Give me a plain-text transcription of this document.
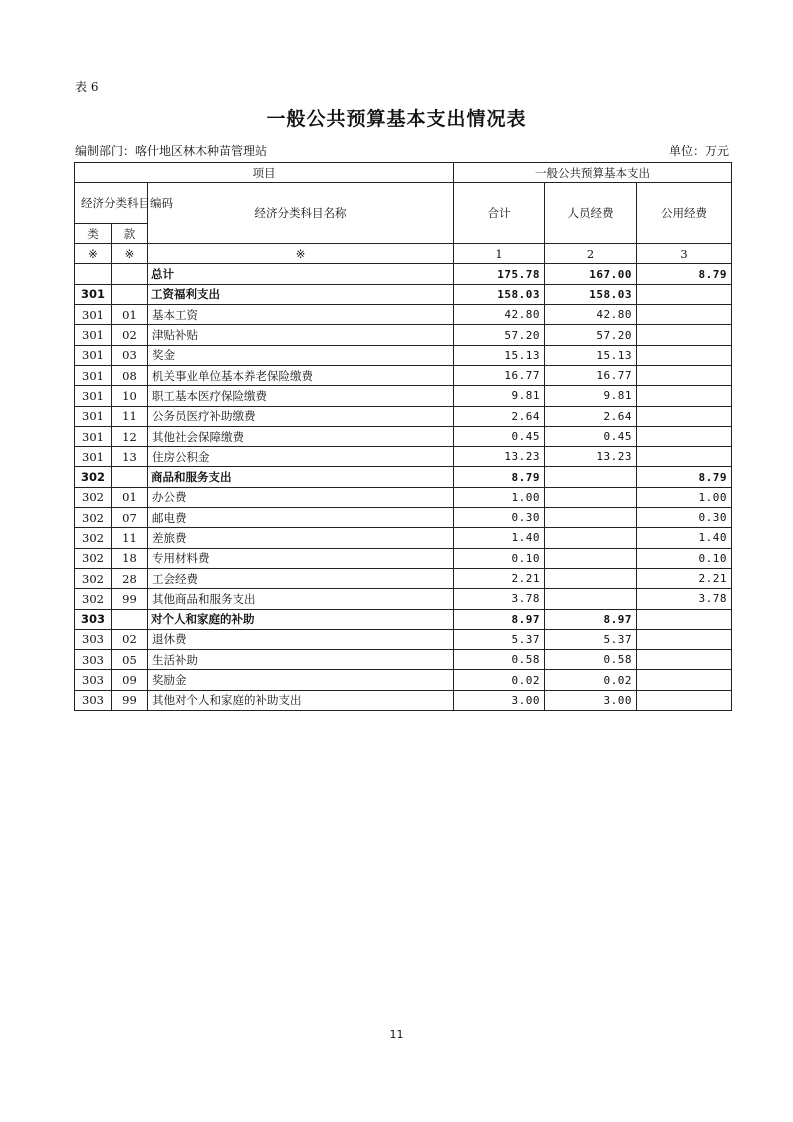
表 6
一般公共预算基本支出情况表
编制部门：喀什地区林木种苗管理站	单位：万元
项目			一般公共预算基本支出		
经济分类科目编码		经济分类科目名称	合计	人员经费	公用经费
类	款				
※	※	※	1	2	3
		总计	175.78	167.00	8.79
301		工资福利支出	158.03	158.03	
301	01	基本工资	42.80	42.80	
301	02	津贴补贴	57.20	57.20	
301	03	奖金	15.13	15.13	
301	08	机关事业单位基本养老保险缴费	16.77	16.77	
301	10	职工基本医疗保险缴费	9.81	9.81	
301	11	公务员医疗补助缴费	2.64	2.64	
301	12	其他社会保障缴费	0.45	0.45	
301	13	住房公积金	13.23	13.23	
302		商品和服务支出	8.79		8.79
302	01	办公费	1.00		1.00
302	07	邮电费	0.30		0.30
302	11	差旅费	1.40		1.40
302	18	专用材料费	0.10		0.10
302	28	工会经费	2.21		2.21
302	99	其他商品和服务支出	3.78		3.78
303		对个人和家庭的补助	8.97	8.97	
303	02	退休费	5.37	5.37	
303	05	生活补助	0.58	0.58	
303	09	奖励金	0.02	0.02	
303	99	其他对个人和家庭的补助支出	3.00	3.00	
11
